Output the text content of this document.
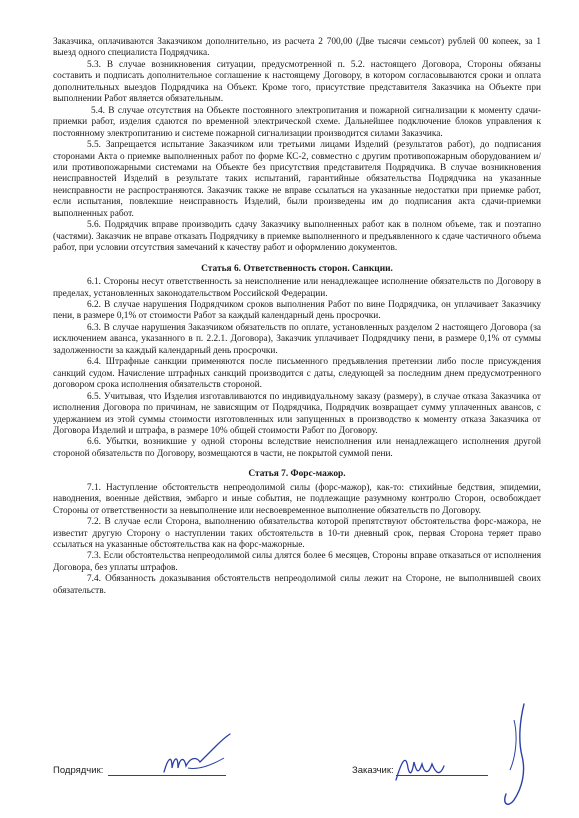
Заказчика, оплачиваются Заказчиком дополнительно, из расчета 2 700,00 (Две тысячи семьсот) рублей 00 копеек, за 1 выезд одного специалиста Подрядчика.

5.3. В случае возникновения ситуации, предусмотренной п. 5.2. настоящего Договора, Стороны обязаны составить и подписать дополнительное соглашение к настоящему Договору, в котором согласовываются сроки и оплата дополнительных выездов Подрядчика на Объект. Кроме того, присутствие представителя Заказчика на Объекте при выполнении Работ является обязательным.

5.4. В случае отсутствия на Объекте постоянного электропитания и пожарной сигнализации к моменту сдачи-приемки работ, изделия сдаются по временной электрической схеме. Дальнейшее подключение блоков управления к постоянному электропитанию и системе пожарной сигнализации производится силами Заказчика.

5.5. Запрещается испытание Заказчиком или третьими лицами Изделий (результатов работ), до подписания сторонами Акта о приемке выполненных работ по форме КС-2, совместно с другим противопожарным оборудованием и/или противопожарными системами на Объекте без присутствия представителя Подрядчика. В случае возникновения неисправностей Изделий в результате таких испытаний, гарантийные обязательства Подрядчика на указанные неисправности не распространяются. Заказчик также не вправе ссылаться на указанные недостатки при приемке работ, если испытания, повлекшие неисправность Изделий, были произведены им до подписания акта сдачи-приемки выполненных работ.

5.6. Подрядчик вправе производить сдачу Заказчику выполненных работ как в полном объеме, так и поэтапно (частями). Заказчик не вправе отказать Подрядчику в приемке выполненного и предъявленного к сдаче частичного объема работ, при условии отсутствия замечаний к качеству работ и оформлению документов.

Статья 6. Ответственность сторон. Санкции.

6.1. Стороны несут ответственность за неисполнение или ненадлежащее исполнение обязательств по Договору в пределах, установленных законодательством Российской Федерации.

6.2. В случае нарушения Подрядчиком сроков выполнения Работ по вине Подрядчика, он уплачивает Заказчику пени, в размере 0,1% от стоимости Работ за каждый календарный день просрочки.

6.3. В случае нарушения Заказчиком обязательств по оплате, установленных разделом 2 настоящего Договора (за исключением аванса, указанного в п. 2.2.1. Договора), Заказчик уплачивает Подрядчику пени, в размере 0,1% от суммы задолженности за каждый календарный день просрочки.

6.4. Штрафные санкции применяются после письменного предъявления претензии либо после присуждения санкций судом. Начисление штрафных санкций производится с даты, следующей за последним днем предусмотренного договором срока исполнения обязательств стороной.

6.5. Учитывая, что Изделия изготавливаются по индивидуальному заказу (размеру), в случае отказа Заказчика от исполнения Договора по причинам, не зависящим от Подрядчика, Подрядчик возвращает сумму уплаченных авансов, с удержанием из этой суммы стоимости изготовленных или запущенных в производство к моменту отказа Заказчика от Договора Изделий и штрафа, в размере 10% общей стоимости Работ по Договору.

6.6. Убытки, возникшие у одной стороны вследствие неисполнения или ненадлежащего исполнения другой стороной обязательств по Договору, возмещаются в части, не покрытой суммой пени.

Статья 7. Форс-мажор.

7.1. Наступление обстоятельств непреодолимой силы (форс-мажор), как-то: стихийные бедствия, эпидемии, наводнения, военные действия, эмбарго и иные события, не подлежащие разумному контролю Сторон, освобождает Стороны от ответственности за невыполнение или несвоевременное выполнение обязательств по Договору.

7.2. В случае если Сторона, выполнению обязательства которой препятствуют обстоятельства форс-мажора, не известит другую Сторону о наступлении таких обстоятельств в 10-ти дневный срок, первая Сторона теряет право ссылаться на указанные обстоятельства как на форс-мажорные.

7.3. Если обстоятельства непреодолимой силы длятся более 6 месяцев, Стороны вправе отказаться от исполнения Договора, без уплаты штрафов.

7.4. Обязанность доказывания обстоятельств непреодолимой силы лежит на Стороне, не выполнившей своих обязательств.

Подрядчик:	Заказчик:
